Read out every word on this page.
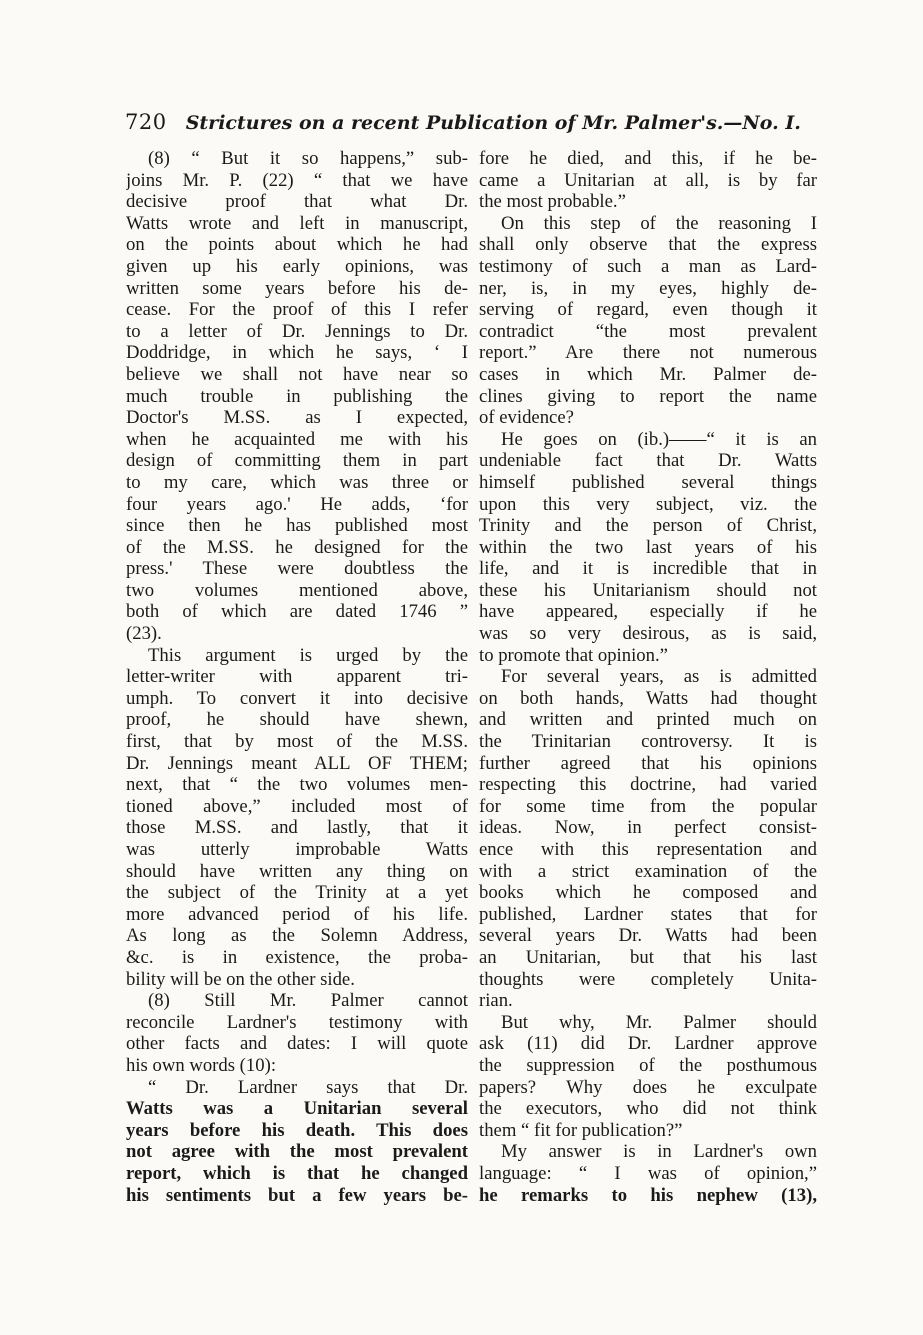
720 Strictures on a recent Publication of Mr. Palmer's.—No. I.
(8) “ But it so happens,” sub-
joins Mr. P. (22) “ that we have
decisive proof that what Dr.
Watts wrote and left in manuscript,
on the points about which he had
given up his early opinions, was
written some years before his de-
cease. For the proof of this I refer
to a letter of Dr. Jennings to Dr.
Doddridge, in which he says, ‘ I
believe we shall not have near so
much trouble in publishing the
Doctor's M.SS. as I expected,
when he acquainted me with his
design of committing them in part
to my care, which was three or
four years ago.' He adds, ‘for
since then he has published most
of the M.SS. he designed for the
press.' These were doubtless the
two volumes mentioned above,
both of which are dated 1746 ”
(23).
This argument is urged by the
letter-writer with apparent tri-
umph. To convert it into decisive
proof, he should have shewn,
first, that by most of the M.SS.
Dr. Jennings meant ALL OF THEM;
next, that “ the two volumes men-
tioned above,” included most of
those M.SS. and lastly, that it
was utterly improbable Watts
should have written any thing on
the subject of the Trinity at a yet
more advanced period of his life.
As long as the Solemn Address,
&c. is in existence, the proba-
bility will be on the other side.
(8) Still Mr. Palmer cannot
reconcile Lardner's testimony with
other facts and dates: I will quote
his own words (10):
“ Dr. Lardner says that Dr.
Watts was a Unitarian several
years before his death. This does
not agree with the most prevalent
report, which is that he changed
his sentiments but a few years be-
fore he died, and this, if he be-
came a Unitarian at all, is by far
the most probable.”
On this step of the reasoning I
shall only observe that the express
testimony of such a man as Lard-
ner, is, in my eyes, highly de-
serving of regard, even though it
contradict “the most prevalent
report.” Are there not numerous
cases in which Mr. Palmer de-
clines giving to report the name
of evidence?
He goes on (ib.)——“ it is an
undeniable fact that Dr. Watts
himself published several things
upon this very subject, viz. the
Trinity and the person of Christ,
within the two last years of his
life, and it is incredible that in
these his Unitarianism should not
have appeared, especially if he
was so very desirous, as is said,
to promote that opinion.”
For several years, as is admitted
on both hands, Watts had thought
and written and printed much on
the Trinitarian controversy. It is
further agreed that his opinions
respecting this doctrine, had varied
for some time from the popular
ideas. Now, in perfect consist-
ence with this representation and
with a strict examination of the
books which he composed and
published, Lardner states that for
several years Dr. Watts had been
an Unitarian, but that his last
thoughts were completely Unita-
rian.
But why, Mr. Palmer should
ask (11) did Dr. Lardner approve
the suppression of the posthumous
papers? Why does he exculpate
the executors, who did not think
them “ fit for publication?”
My answer is in Lardner's own
language: “ I was of opinion,”
he remarks to his nephew (13),
